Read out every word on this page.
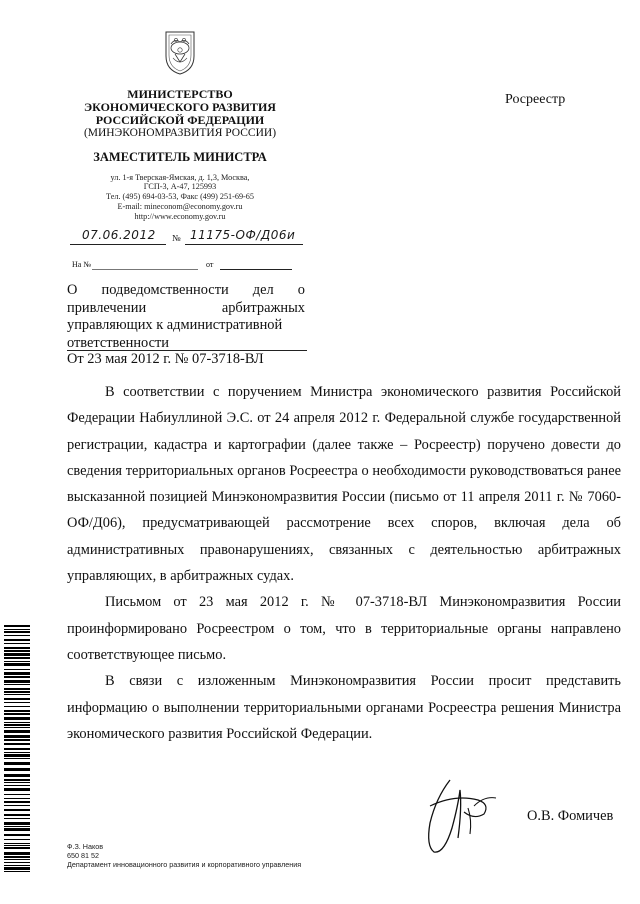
МИНИСТЕРСТВО
ЭКОНОМИЧЕСКОГО РАЗВИТИЯ
РОССИЙСКОЙ ФЕДЕРАЦИИ
(МИНЭКОНОМРАЗВИТИЯ РОССИИ)
ЗАМЕСТИТЕЛЬ МИНИСТРА
ул. 1-я Тверская-Ямская, д. 1,3, Москва,
ГСП-3, А-47, 125993
Тел. (495) 694-03-53, Факс (499) 251-69-65
E-mail: mineconom@economy.gov.ru
http://www.economy.gov.ru
07.06.2012 № 11175-ОФ/Д06и
На №	от
Росреестр
О подведомственности дел о
привлечении	арбитражных
управляющих к административной
ответственности
От 23 мая 2012 г. № 07-3718-ВЛ

В соответствии с поручением Министра экономического развития Российской Федерации Набиуллиной Э.С. от 24 апреля 2012 г. Федеральной службе государственной регистрации, кадастра и картографии (далее также – Росреестр) поручено довести до сведения территориальных органов Росреестра о необходимости руководствоваться ранее высказанной позицией Минэкономразвития России (письмо от 11 апреля 2011 г. № 7060-ОФ/Д06), предусматривающей рассмотрение всех споров, включая дела об административных правонарушениях, связанных с деятельностью арбитражных управляющих, в арбитражных судах.

Письмом от 23 мая 2012 г. № 07-3718-ВЛ Минэкономразвития России проинформировано Росреестром о том, что в территориальные органы направлено соответствующее письмо.

В связи с изложенным Минэкономразвития России просит представить информацию о выполнении территориальными органами Росреестра решения Министра экономического развития Российской Федерации.

О.В. Фомичев
Ф.З. Наков
650 81 52
Департамент инновационного развития и корпоративного управления
